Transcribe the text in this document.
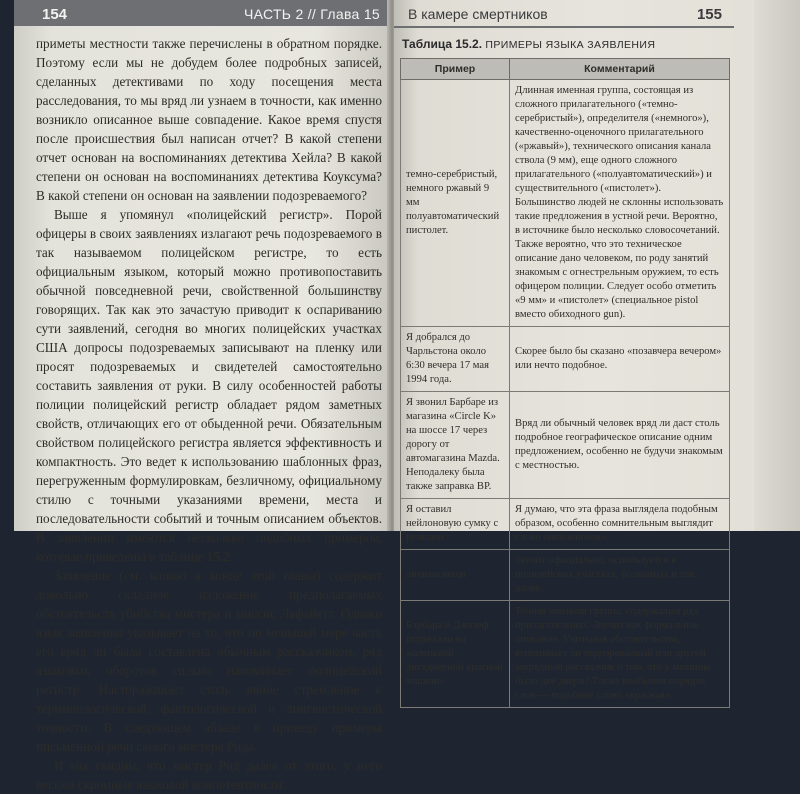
154	ЧАСТЬ 2 // Глава 15

приметы местности также перечислены в обратном порядке. Поэтому если мы не добудем более подробных записей, сделанных детективами по ходу посещения места расследования, то мы вряд ли узнаем в точности, как именно возникло описанное выше совпадение. Какое время спустя после происшествия был написан отчет? В какой степени отчет основан на воспоминаниях детектива Хейла? В какой степени он основан на воспоминаниях детектива Коуксума? В какой степени он основан на заявлении подозреваемого?

Выше я упомянул «полицейский регистр». Порой офицеры в своих заявлениях излагают речь подозреваемого в так называемом полицейском регистре, то есть официальным языком, который можно противопоставить обычной повседневной речи, свойственной большинству говорящих. Так как это зачастую приводит к оспариванию сути заявлений, сегодня во многих полицейских участках США допросы подозреваемых записывают на пленку или просят подозреваемых и свидетелей самостоятельно составить заявления от руки. В силу особенностей работы полиции полицейский регистр обладает рядом заметных свойств, отличающих его от обыденной речи. Обязательным свойством полицейского регистра является эффективность и компактность. Это ведет к использованию шаблонных фраз, перегруженным формулировкам, безличному, официальному стилю с точными указаниями времени, места и последовательности событий и точным описанием объектов. В заявлении имеются несколько подобных примеров, которые приведены в таблице 15.2.

Заявление (см. копию в конце этой главы) содержит довольно складное изложение предполагаемых обстоятельств убийства мистера и миссис Лафайетт. Однако язык заявления указывает на то, что по меньшей мере часть его вряд ли была составлена обычным рассказчиком, ряд языковых оборотов сильно напоминает полицейский регистр. Настораживает столь явное стремление к терминологической, фактологической и лингвистической точности. В следующем абзаце я приведу примеры письменной речи самого мистера Рида.

И мы увидим, что мистер Рид далек от этого, у него весьма скромные языковой компетентности.

В камере смертников	155
Таблица 15.2. ПРИМЕРЫ ЯЗЫКА ЗАЯВЛЕНИЯ
Пример	Комментарий
темно-серебристый, немного ржавый 9 мм полуавтоматический пистолет.	Длинная именная группа, состоящая из сложного прилагательного («темно-серебристый»), определителя («немного»), качественно-оценочного прилагательного («ржавый»), технического описания канала ствола (9 мм), еще одного сложного прилагательного («полуавтоматический») и существительного («пистолет»). Большинство людей не склонны использовать такие предложения в устной речи. Вероятно, в источнике было несколько словосочетаний. Также вероятно, что это техническое описание дано человеком, по роду занятий знакомым с огнестрельным оружием, то есть офицером полиции. Следует особо отметить «9 мм» и «пистолет» (специальное pistol вместо обиходного gun).
Я добрался до Чарльстона около 6:30 вечера 17 мая 1994 года.	Скорее было бы сказано «позавчера вечером» или нечто подобное.
Я звонил Барбаре из магазина «Circle K» на шоссе 17 через дорогу от автомагазина Mazda. Неподалеку была также заправка BP.	Вряд ли обычный человек вряд ли даст столь подробное географическое описание одним предложением, особенно не будучи знакомым с местностью.
Я оставил нейлоновую сумку с ручками	Я думаю, что эта фраза выглядела подобным образом, особенно сомнительным выглядит слово «нейлоновая».
личные вещи	Звучит официально, используется в полицейских участках, больницах и так далее.
Барбара и Джозеф подъехали на маленькой двухдверной красной машине.	Точная именная группа, содержащая ряд прилагательных. Звучит как формальное описание. Учитывая обстоятельства, вспоминает ли подозреваемый или другой заурядный рассказчик о том, что у машины было две двери? Также необычен порядок слов — подобное слово «красная».
